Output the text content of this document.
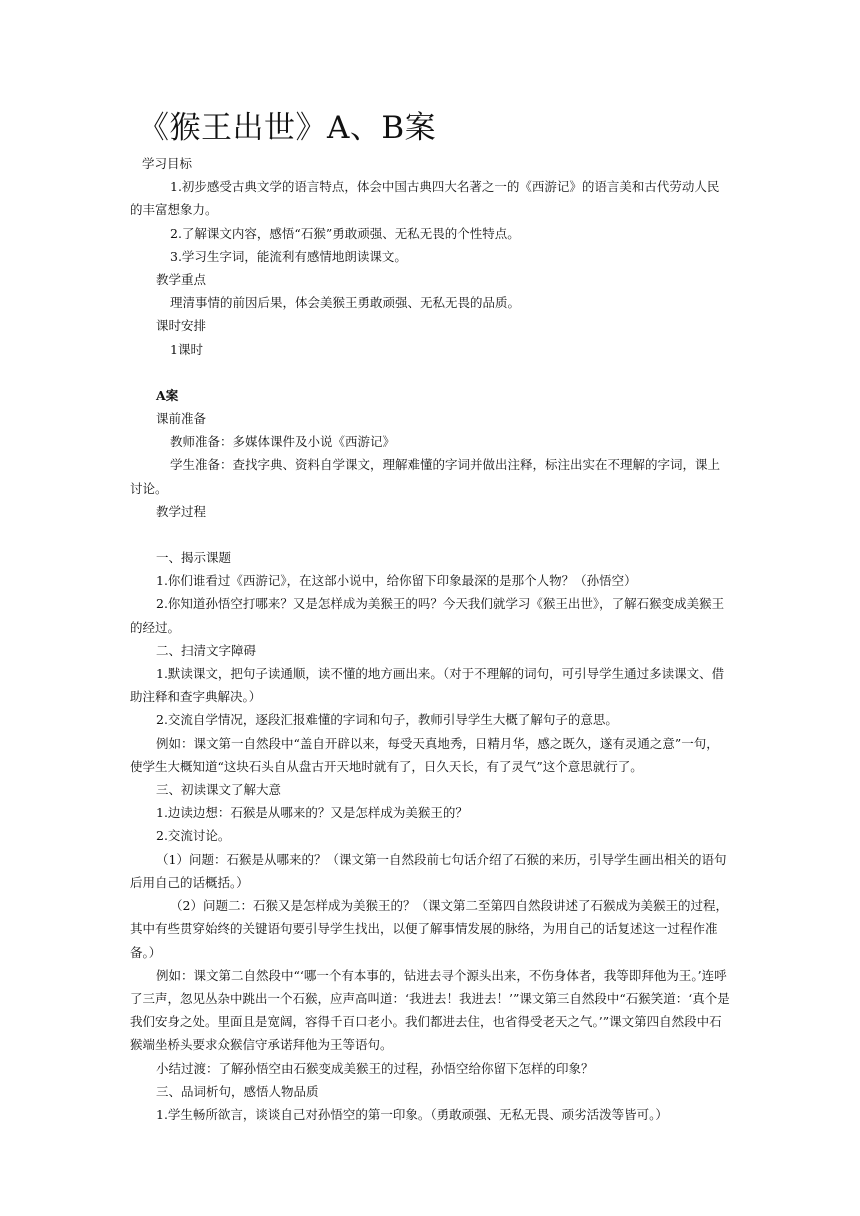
《猴王出世》A、B案

学习目标

1.初步感受古典文学的语言特点，体会中国古典四大名著之一的《西游记》的语言美和古代劳动人民的丰富想象力。

2.了解课文内容，感悟“石猴”勇敢顽强、无私无畏的个性特点。

3.学习生字词，能流利有感情地朗读课文。

教学重点

理清事情的前因后果，体会美猴王勇敢顽强、无私无畏的品质。

课时安排

1课时

A案

课前准备

教师准备：多媒体课件及小说《西游记》

学生准备：查找字典、资料自学课文，理解难懂的字词并做出注释，标注出实在不理解的字词，课上讨论。

教学过程

一、揭示课题

1.你们谁看过《西游记》，在这部小说中，给你留下印象最深的是那个人物？（孙悟空）

2.你知道孙悟空打哪来？又是怎样成为美猴王的吗？今天我们就学习《猴王出世》，了解石猴变成美猴王的经过。

二、扫清文字障碍

1.默读课文，把句子读通顺，读不懂的地方画出来。（对于不理解的词句，可引导学生通过多读课文、借助注释和查字典解决。）

2.交流自学情况，逐段汇报难懂的字词和句子，教师引导学生大概了解句子的意思。

例如：课文第一自然段中“盖自开辟以来，每受天真地秀，日精月华，感之既久，遂有灵通之意”一句，使学生大概知道“这块石头自从盘古开天地时就有了，日久天长，有了灵气”这个意思就行了。

三、初读课文了解大意

1.边读边想：石猴是从哪来的？又是怎样成为美猴王的？

2.交流讨论。

（1）问题：石猴是从哪来的？（课文第一自然段前七句话介绍了石猴的来历，引导学生画出相关的语句后用自己的话概括。）

（2）问题二：石猴又是怎样成为美猴王的？（课文第二至第四自然段讲述了石猴成为美猴王的过程，其中有些贯穿始终的关键语句要引导学生找出，以便了解事情发展的脉络，为用自己的话复述这一过程作准备。）

例如：课文第二自然段中“‘哪一个有本事的，钻进去寻个源头出来，不伤身体者，我等即拜他为王。’连呼了三声，忽见丛杂中跳出一个石猴，应声高叫道：‘我进去！我进去！’”课文第三自然段中“石猴笑道：‘真个是我们安身之处。里面且是宽阔，容得千百口老小。我们都进去住，也省得受老天之气。’”课文第四自然段中石猴端坐桥头要求众猴信守承诺拜他为王等语句。

小结过渡：了解孙悟空由石猴变成美猴王的过程，孙悟空给你留下怎样的印象？

三、品词析句，感悟人物品质

1.学生畅所欲言，谈谈自己对孙悟空的第一印象。（勇敢顽强、无私无畏、顽劣活泼等皆可。）
